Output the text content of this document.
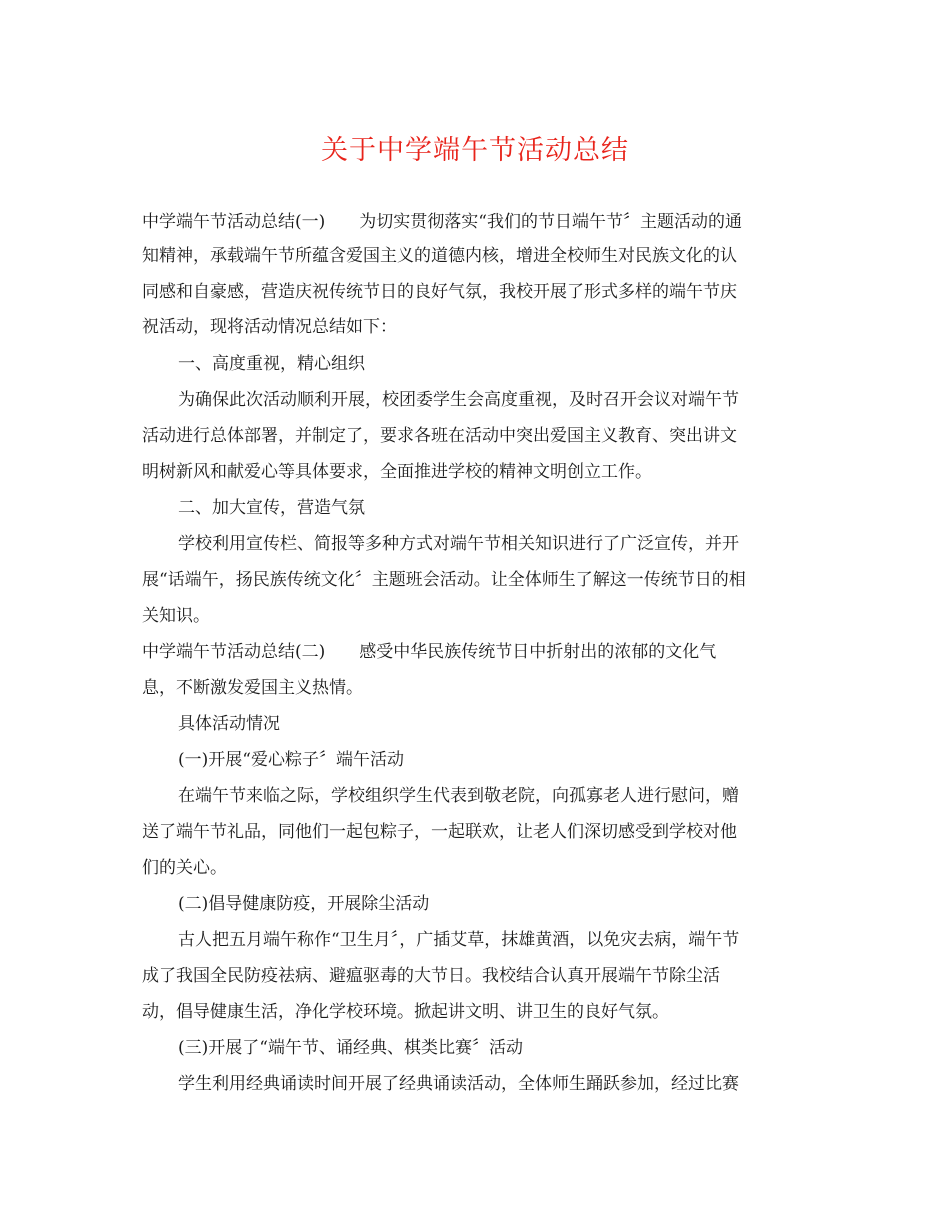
关于中学端午节活动总结
中学端午节活动总结(一)　　为切实贯彻落实“我们的节日端午节〞主题活动的通
知精神，承载端午节所蕴含爱国主义的道德内核，增进全校师生对民族文化的认
同感和自豪感，营造庆祝传统节日的良好气氛，我校开展了形式多样的端午节庆
祝活动，现将活动情况总结如下：
一、高度重视，精心组织
为确保此次活动顺利开展，校团委学生会高度重视，及时召开会议对端午节
活动进行总体部署，并制定了，要求各班在活动中突出爱国主义教育、突出讲文
明树新风和献爱心等具体要求，全面推进学校的精神文明创立工作。
二、加大宣传，营造气氛
学校利用宣传栏、简报等多种方式对端午节相关知识进行了广泛宣传，并开
展“话端午，扬民族传统文化〞主题班会活动。让全体师生了解这一传统节日的相
关知识。
中学端午节活动总结(二)　　感受中华民族传统节日中折射出的浓郁的文化气
息，不断激发爱国主义热情。
具体活动情况
(一)开展“爱心粽子〞端午活动
在端午节来临之际，学校组织学生代表到敬老院，向孤寡老人进行慰问，赠
送了端午节礼品，同他们一起包粽子，一起联欢，让老人们深切感受到学校对他
们的关心。
(二)倡导健康防疫，开展除尘活动
古人把五月端午称作“卫生月〞，广插艾草，抹雄黄酒，以免灾去病，端午节
成了我国全民防疫祛病、避瘟驱毒的大节日。我校结合认真开展端午节除尘活
动，倡导健康生活，净化学校环境。掀起讲文明、讲卫生的良好气氛。
(三)开展了“端午节、诵经典、棋类比赛〞活动
学生利用经典诵读时间开展了经典诵读活动，全体师生踊跃参加，经过比赛
